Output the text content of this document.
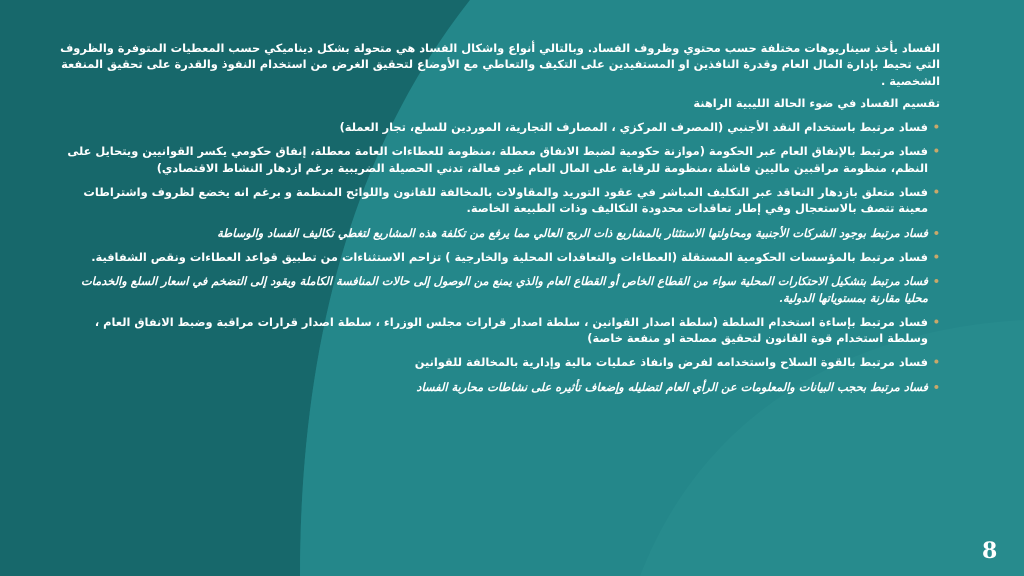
الفساد يأخذ سيناريوهات مختلفة حسب محتوي وظروف الفساد. وبالتالي أنواع واشكال الفساد هي متحولة بشكل ديناميكي حسب المعطيات المتوفرة والظروف التي تحيط بإدارة المال العام وقدرة النافذين او المستفيدين على التكيف والتعاطي مع الأوضاع لتحقيق الغرض من استخدام النفوذ والقدرة على تحقيق المنفعة الشخصية .

تقسيم الفساد في ضوء الحالة الليبية الراهنة

•
فساد مرتبط باستخدام النقد الأجنبي (المصرف المركزي ، المصارف التجارية، الموردين للسلع، تجار العملة)
•
فساد مرتبط بالإنفاق العام عبر الحكومة (موازنة حكومية لضبط الانفاق معطلة ،منظومة للعطاءات العامة معطلة، إنفاق حكومي يكسر القوانيين ويتحايل على النظم، منظومة مراقبين ماليين فاشلة ،منظومة للرقابة على المال العام غير فعالة، تدني الحصيلة الضريبية برغم ازدهار النشاط الاقتصادي)
•
فساد متعلق بازدهار التعاقد عبر التكليف المباشر في عقود التوريد والمقاولات بالمخالفة للقانون واللوائح المنظمة و برغم انه يخضع لظروف واشتراطات معينة تتصف بالاستعجال وفي إطار تعاقدات محدودة التكاليف وذات الطبيعة الخاصة.
•
فساد مرتبط بوجود الشركات الأجنبية ومحاولتها الاستئثار بالمشاريع ذات الربح العالي مما يرفع من تكلفة هذه المشاريع لتغطي تكاليف الفساد والوساطة
•
فساد مرتبط بالمؤسسات الحكومية المستقلة (العطاءات والتعاقدات المحلية والخارجية ) تزاحم الاستثناءات من تطبيق قواعد العطاءات ونقص الشفافية.
•
فساد مرتبط بتشكيل الاحتكارات المحلية سواء من القطاع الخاص أو القطاع العام والذي يمنع من الوصول إلى حالات المنافسة الكاملة ويقود إلى التضخم في اسعار السلع والخدمات محليا مقارنة بمستوياتها الدولية.
•
فساد مرتبط بإساءة استخدام السلطة (سلطة اصدار القوانين ، سلطة اصدار قرارات مجلس الوزراء ، سلطة اصدار قرارات مراقبة وضبط الانفاق العام ، وسلطة استخدام قوة القانون لتحقيق مصلحة او منفعة خاصة)
•
فساد مرتبط بالقوة السلاح واستخدامه لفرض وانفاذ عمليات مالية وإدارية بالمخالفة للقوانين
•
فساد مرتبط بحجب البيانات والمعلومات عن الرأي العام لتضليله وإضعاف تأثيره على نشاطات محاربة الفساد
8
